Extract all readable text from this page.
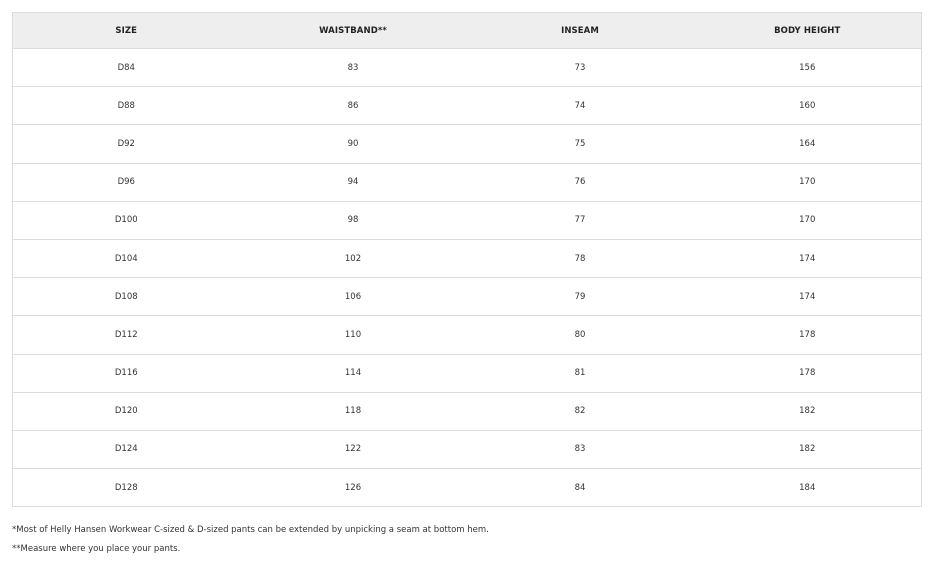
SIZE	WAISTBAND**	INSEAM	BODY HEIGHT
D84	83	73	156
D88	86	74	160
D92	90	75	164
D96	94	76	170
D100	98	77	170
D104	102	78	174
D108	106	79	174
D112	110	80	178
D116	114	81	178
D120	118	82	182
D124	122	83	182
D128	126	84	184

*Most of Helly Hansen Workwear C-sized & D-sized pants can be extended by unpicking a seam at bottom hem.

**Measure where you place your pants.
